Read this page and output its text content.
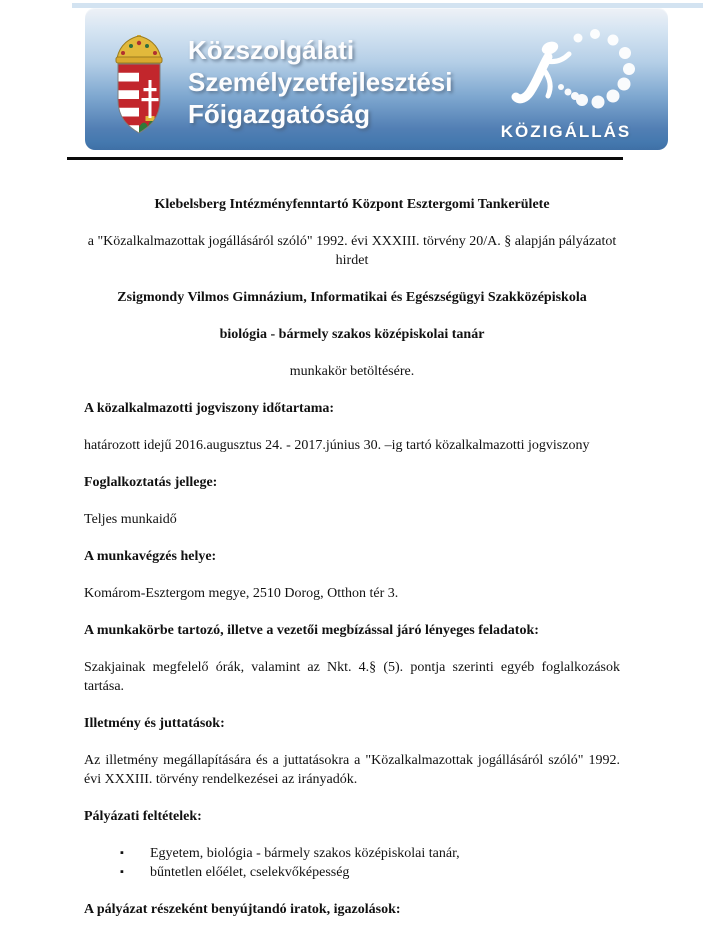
Közszolgálati
Személyzetfejlesztési
Főigazgatóság
KÖZIGÁLLÁS

Klebelsberg Intézményfenntartó Központ Esztergomi Tankerülete

a "Közalkalmazottak jogállásáról szóló" 1992. évi XXXIII. törvény 20/A. § alapján pályázatot hirdet

Zsigmondy Vilmos Gimnázium, Informatikai és Egészségügyi Szakközépiskola

biológia - bármely szakos középiskolai tanár

munkakör betöltésére.

A közalkalmazotti jogviszony időtartama:

határozott idejű 2016.augusztus 24. - 2017.június 30. –ig tartó közalkalmazotti jogviszony

Foglalkoztatás jellege:

Teljes munkaidő

A munkavégzés helye:

Komárom-Esztergom megye, 2510 Dorog, Otthon tér 3.

A munkakörbe tartozó, illetve a vezetői megbízással járó lényeges feladatok:

Szakjainak megfelelő órák, valamint az Nkt. 4.§ (5). pontja szerinti egyéb foglalkozások tartása.

Illetmény és juttatások:

Az illetmény megállapítására és a juttatásokra a "Közalkalmazottak jogállásáról szóló" 1992. évi XXXIII. törvény rendelkezései az irányadók.

Pályázati feltételek:

▪ Egyetem, biológia - bármely szakos középiskolai tanár,
▪ bűntetlen előélet, cselekvőképesség

A pályázat részeként benyújtandó iratok, igazolások:
